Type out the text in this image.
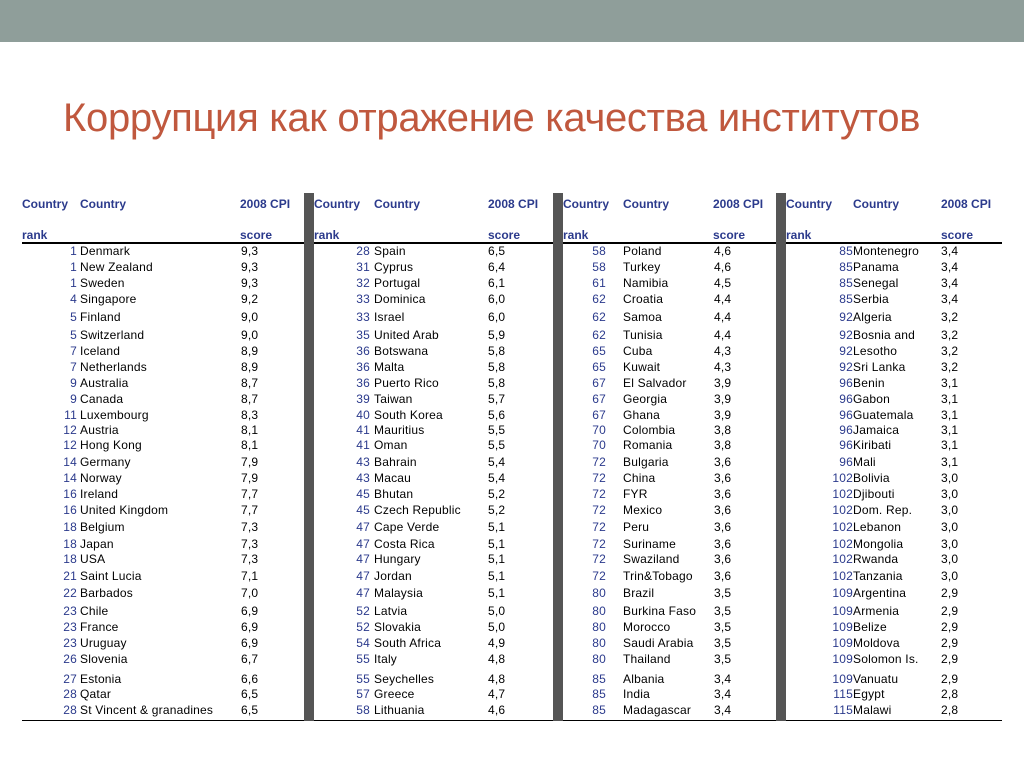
Коррупция как отражение качества институтов
Country
rank
Country	2008 CPI
score
1 Denmark	9,3
1 New Zealand	9,3
1 Sweden	9,3
4 Singapore	9,2
5 Finland	9,0
5 Switzerland	9,0
7 Iceland	8,9
7 Netherlands	8,9
9 Australia	8,7
9 Canada	8,7
11 Luxembourg	8,3
12 Austria	8,1
12 Hong Kong	8,1
14 Germany	7,9
14 Norway	7,9
16 Ireland	7,7
16 United Kingdom	7,7
18 Belgium	7,3
18 Japan	7,3
18 USA	7,3
21 Saint Lucia	7,1
22 Barbados	7,0
23 Chile	6,9
23 France	6,9
23 Uruguay	6,9
26 Slovenia	6,7
27 Estonia	6,6
28 Qatar	6,5
28 St Vincent & granadines 6,5
Country
rank
Country	2008 CPI
score
28 Spain	6,5
31 Cyprus	6,4
32 Portugal	6,1
33 Dominica	6,0
33 Israel	6,0
35 United Arab	5,9
36 Botswana	5,8
36 Malta	5,8
36 Puerto Rico	5,8
39 Taiwan	5,7
40 South Korea	5,6
41 Mauritius	5,5
41 Oman	5,5
43 Bahrain	5,4
43 Macau	5,4
45 Bhutan	5,2
45 Czech Republic 5,2
47 Cape Verde	5,1
47 Costa Rica	5,1
47 Hungary	5,1
47 Jordan	5,1
47 Malaysia	5,1
52 Latvia	5,0
52 Slovakia	5,0
54 South Africa	4,9
55 Italy	4,8
55 Seychelles	4,8
57 Greece	4,7
58 Lithuania	4,6
Country
rank
Country	2008 CPI
score
58 Poland	4,6
58 Turkey	4,6
61 Namibia	4,5
62 Croatia	4,4
62 Samoa	4,4
62 Tunisia	4,4
65 Cuba	4,3
65 Kuwait	4,3
67 El Salvador 3,9
67 Georgia	3,9
67 Ghana	3,9
70 Colombia	3,8
70 Romania	3,8
72 Bulgaria	3,6
72 China	3,6
72 FYR	3,6
72 Mexico	3,6
72 Peru	3,6
72 Suriname	3,6
72 Swaziland	3,6
72 Trin&Tobago 3,6
80 Brazil	3,5
80 Burkina Faso 3,5
80 Morocco	3,5
80 Saudi Arabia 3,5
80 Thailand	3,5
85 Albania	3,4
85 India	3,4
85 Madagascar 3,4
Country
rank
Country	2008 CPI
score
85 Montenegro 3,4
85 Panama	3,4
85 Senegal	3,4
85 Serbia	3,4
92 Algeria	3,2
92 Bosnia and 3,2
92 Lesotho	3,2
92 Sri Lanka	3,2
96 Benin	3,1
96 Gabon	3,1
96 Guatemala 3,1
96 Jamaica	3,1
96 Kiribati	3,1
96 Mali	3,1
102 Bolivia	3,0
102 Djibouti	3,0
102 Dom. Rep. 3,0
102 Lebanon	3,0
102 Mongolia	3,0
102 Rwanda	3,0
102 Tanzania	3,0
109 Argentina	2,9
109 Armenia	2,9
109 Belize	2,9
109 Moldova	2,9
109 Solomon Is. 2,9
109 Vanuatu	2,9
115 Egypt	2,8
115 Malawi	2,8
